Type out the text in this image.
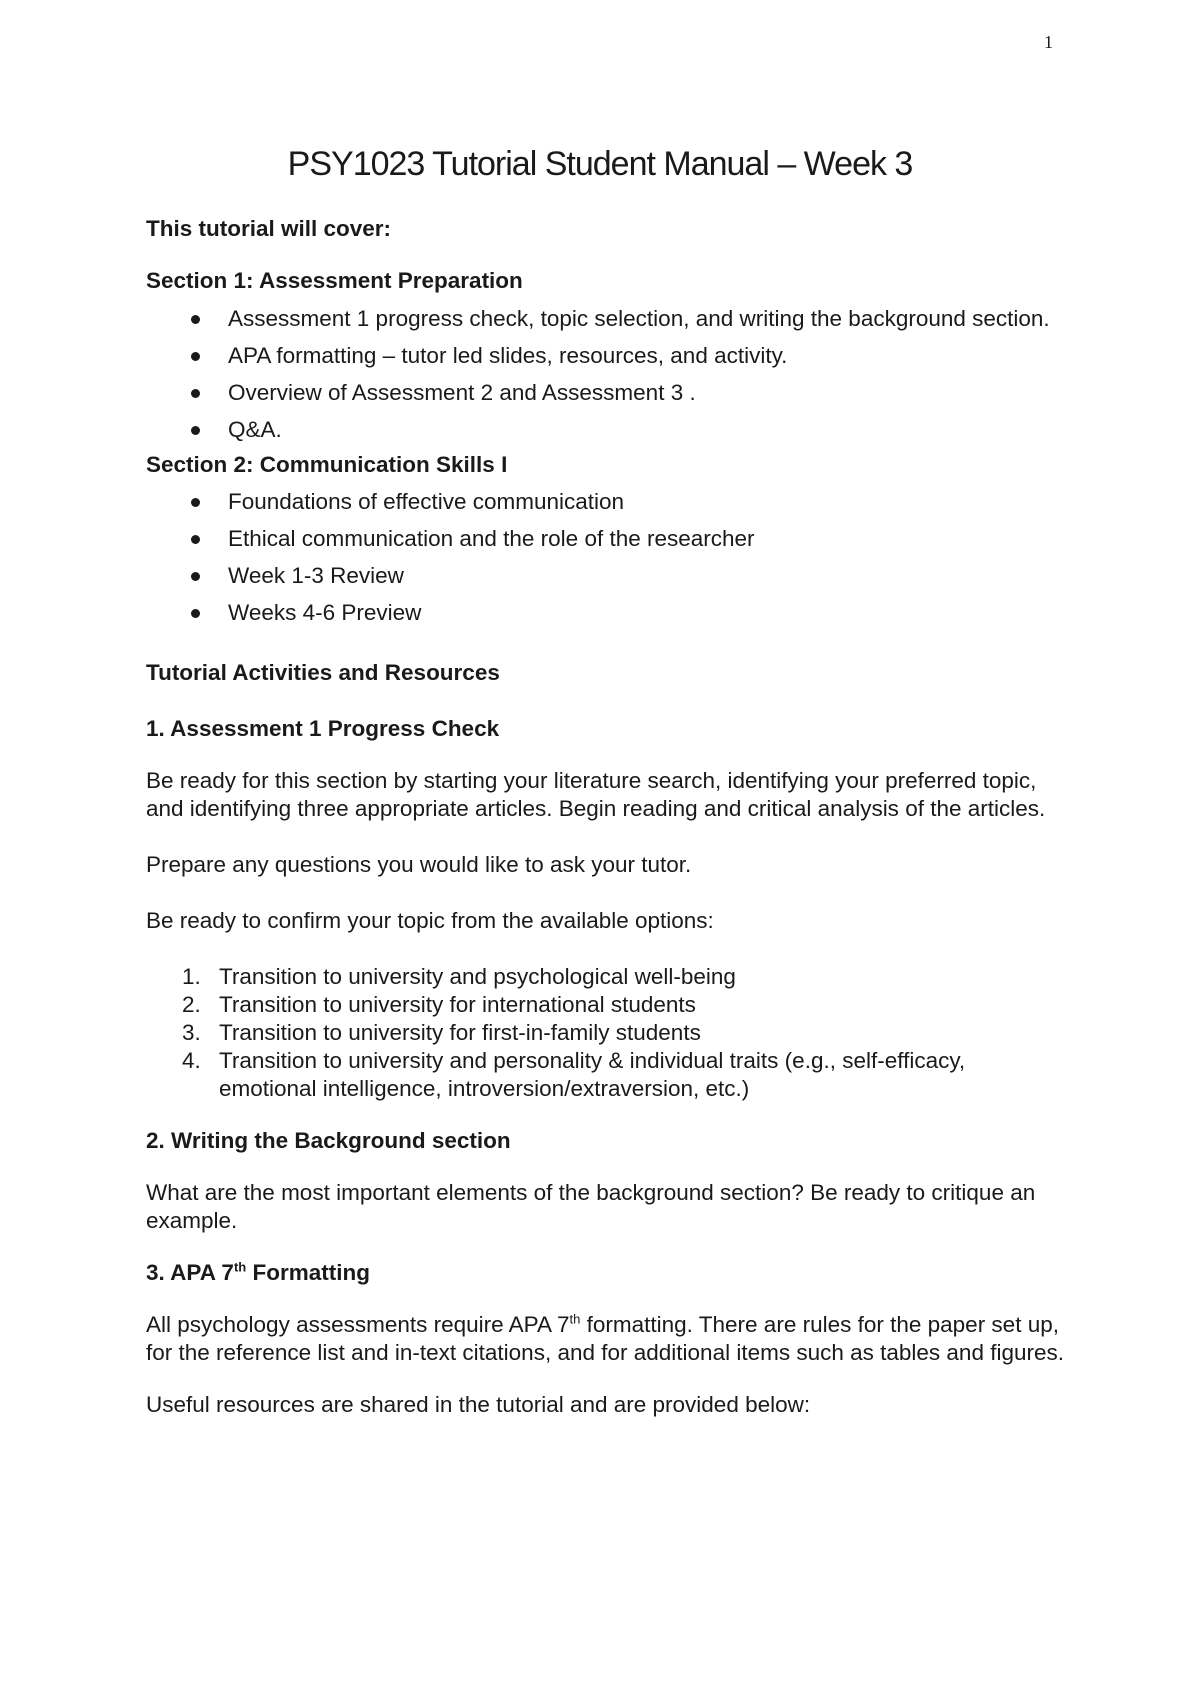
1
PSY1023 Tutorial Student Manual – Week 3

This tutorial will cover:

Section 1: Assessment Preparation

Assessment 1 progress check, topic selection, and writing the background section.
APA formatting – tutor led slides, resources, and activity.
Overview of Assessment 2 and Assessment 3 .
Q&A.

Section 2: Communication Skills I

Foundations of effective communication
Ethical communication and the role of the researcher
Week 1-3 Review
Weeks 4-6 Preview

Tutorial Activities and Resources

1. Assessment 1 Progress Check

Be ready for this section by starting your literature search, identifying your preferred topic, and identifying three appropriate articles. Begin reading and critical analysis of the articles.

Prepare any questions you would like to ask your tutor.

Be ready to confirm your topic from the available options:

1. Transition to university and psychological well-being
2. Transition to university for international students
3. Transition to university for first-in-family students
4. Transition to university and personality & individual traits (e.g., self-efficacy, emotional intelligence, introversion/extraversion, etc.)

2. Writing the Background section

What are the most important elements of the background section? Be ready to critique an example.

3. APA 7th Formatting

All psychology assessments require APA 7th formatting. There are rules for the paper set up, for the reference list and in-text citations, and for additional items such as tables and figures.

Useful resources are shared in the tutorial and are provided below:
